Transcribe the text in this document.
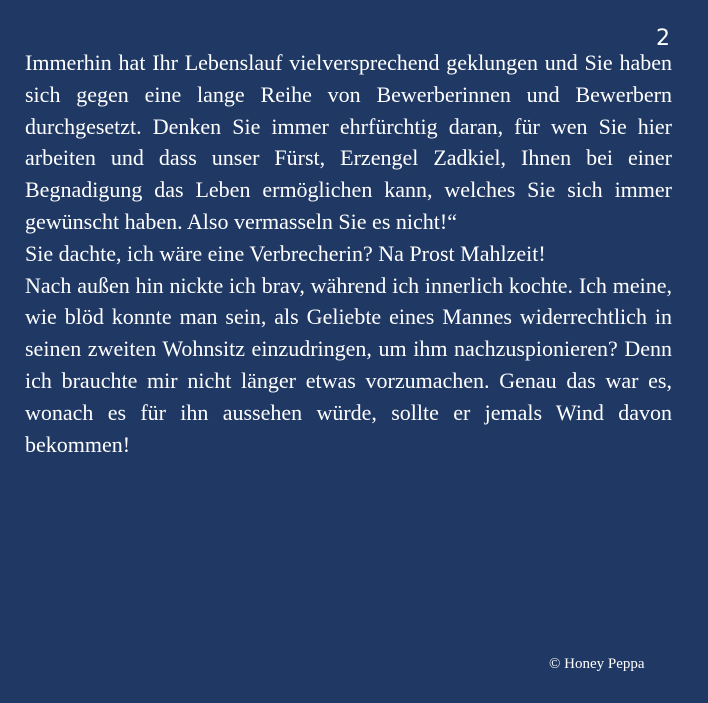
2

Immerhin hat Ihr Lebenslauf vielversprechend geklungen und Sie haben sich gegen eine lange Reihe von Bewerberinnen und Bewerbern durchgesetzt. Denken Sie immer ehrfürchtig daran, für wen Sie hier arbeiten und dass unser Fürst, Erzengel Zadkiel, Ihnen bei einer Begnadigung das Leben ermöglichen kann, welches Sie sich immer gewünscht haben. Also vermasseln Sie es nicht!“

Sie dachte, ich wäre eine Verbrecherin? Na Prost Mahlzeit!

Nach außen hin nickte ich brav, während ich innerlich kochte. Ich meine, wie blöd konnte man sein, als Geliebte eines Mannes widerrechtlich in seinen zweiten Wohnsitz einzudringen, um ihm nachzuspionieren? Denn ich brauchte mir nicht länger etwas vorzumachen. Genau das war es, wonach es für ihn aussehen würde, sollte er jemals Wind davon bekommen!

© Honey Peppa
